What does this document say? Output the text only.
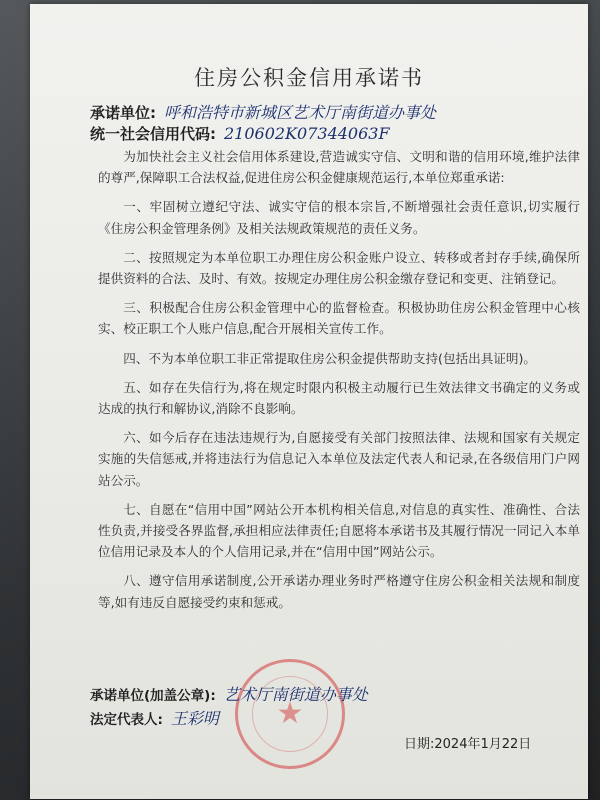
住房公积金信用承诺书
承诺单位: 呼和浩特市新城区艺术厅南街道办事处
统一社会信用代码: 210602K07344063F

为加快社会主义社会信用体系建设,营造诚实守信、文明和谐的信用环境,维护法律的尊严,保障职工合法权益,促进住房公积金健康规范运行,本单位郑重承诺:

一、牢固树立遵纪守法、诚实守信的根本宗旨,不断增强社会责任意识,切实履行《住房公积金管理条例》及相关法规政策规范的责任义务。

二、按照规定为本单位职工办理住房公积金账户设立、转移或者封存手续,确保所提供资料的合法、及时、有效。按规定办理住房公积金缴存登记和变更、注销登记。

三、积极配合住房公积金管理中心的监督检查。积极协助住房公积金管理中心核实、校正职工个人账户信息,配合开展相关宣传工作。

四、不为本单位职工非正常提取住房公积金提供帮助支持(包括出具证明)。

五、如存在失信行为,将在规定时限内积极主动履行已生效法律文书确定的义务或达成的执行和解协议,消除不良影响。

六、如今后存在违法违规行为,自愿接受有关部门按照法律、法规和国家有关规定实施的失信惩戒,并将违法行为信息记入本单位及法定代表人和记录,在各级信用门户网站公示。

七、自愿在“信用中国”网站公开本机构相关信息,对信息的真实性、准确性、合法性负责,并接受各界监督,承担相应法律责任;自愿将本承诺书及其履行情况一同记入本单位信用记录及本人的个人信用记录,并在“信用中国”网站公示。

八、遵守信用承诺制度,公开承诺办理业务时严格遵守住房公积金相关法规和制度等,如有违反自愿接受约束和惩戒。

★
承诺单位(加盖公章): 艺术厅南街道办事处
法定代表人: 王彩明
日期:2024年1月22日
